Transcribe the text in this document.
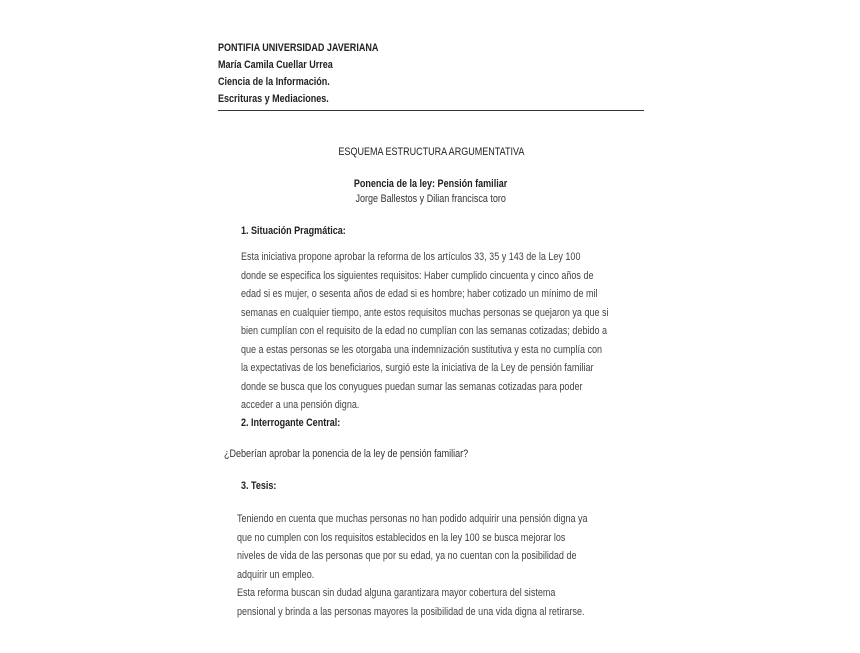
PONTIFIA UNIVERSIDAD JAVERIANA
María Camila Cuellar Urrea
Ciencia de la Información.
Escrituras y Mediaciones.
ESQUEMA ESTRUCTURA ARGUMENTATIVA
Ponencia de la ley: Pensión familiar
Jorge Ballestos y Dilian francisca toro
1. Situación Pragmática:
Esta iniciativa propone aprobar la reforma de los artículos 33, 35 y 143 de la Ley 100
donde se especifica los siguientes requisitos: Haber cumplido cincuenta y cinco años de
edad si es mujer, o sesenta años de edad si es hombre; haber cotizado un mínimo de mil
semanas en cualquier tiempo, ante estos requisitos muchas personas se quejaron ya que si
bien cumplían con el requisito de la edad no cumplían con las semanas cotizadas; debido a
que a estas personas se les otorgaba una indemnización sustitutiva y esta no cumplía con
la expectativas de los beneficiarios, surgió este la iniciativa de la Ley de pensión familiar
donde se busca que los conyugues puedan sumar las semanas cotizadas para poder
acceder a una pensión digna.
2. Interrogante Central:
¿Deberían aprobar la ponencia de la ley de pensión familiar?
3. Tesis:
Teniendo en cuenta que muchas personas no han podido adquirir una pensión digna ya
que no cumplen con los requisitos establecidos en la ley 100 se busca mejorar los
niveles de vida de las personas que por su edad, ya no cuentan con la posibilidad de
adquirir un empleo.
Esta reforma buscan sin dudad alguna garantizara mayor cobertura del sistema
pensional y brinda a las personas mayores la posibilidad de una vida digna al retirarse.
